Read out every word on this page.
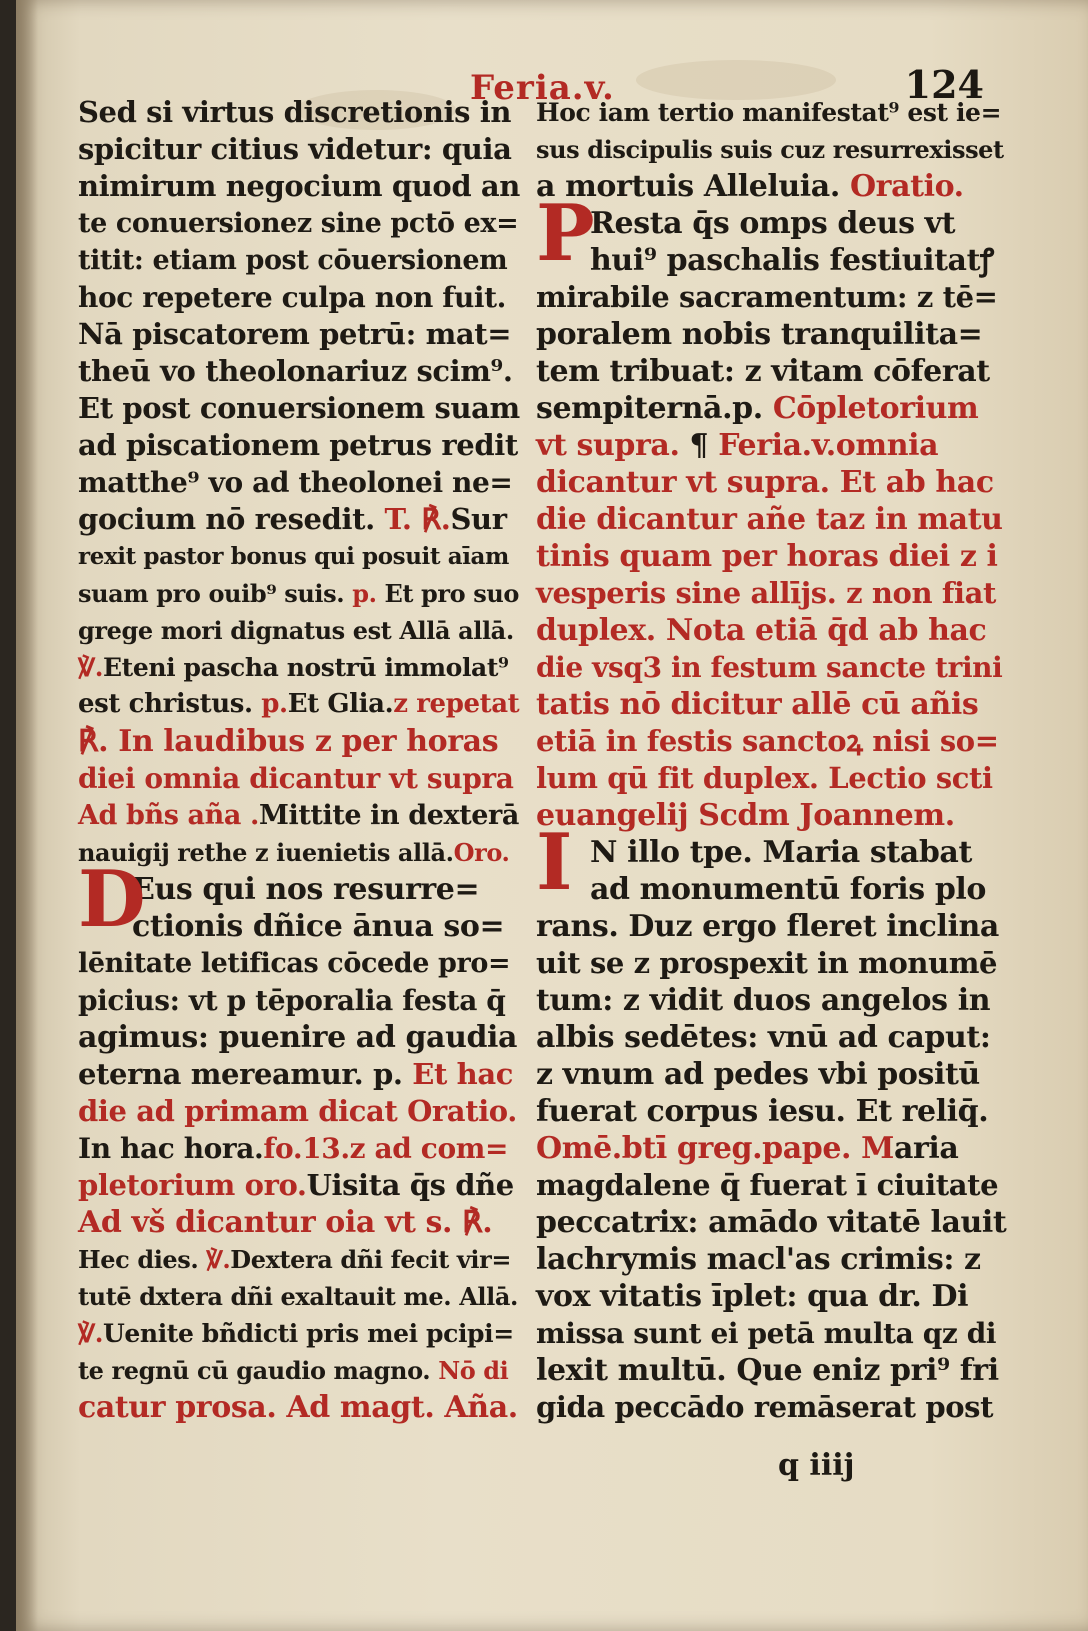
Feria.v.	124
Sed si virtus discretionis in
spicitur citius videtur: quia
nimirum negocium quod an
te conuersionez sine pctō ex=
titit: etiam post cōuersionem
hoc repetere culpa non fuit.
Nā piscatorem petrū: mat=
theū vo theolonariuz scim⁹.
Et post conuersionem suam
ad piscationem petrus redit
matthe⁹ vo ad theolonei ne=
gocium nō resedit. T. ℟.Sur
rexit pastor bonus qui posuit aīam
suam pro ouib⁹ suis. p. Et pro suo
grege mori dignatus est Allā allā.
℣.Eteni pascha nostrū immolat⁹
est christus. p.Et Glia.z repetat
℟. In laudibus z per horas
diei omnia dicantur vt supra
Ad bñs aña .Mittite in dexterā
nauigij rethe z iuenietis allā.Oro.
D
Eus qui nos resurre=
ctionis dñice ānua so=
lēnitate letificas cōcede pro=
picius: vt p tēporalia festa q̄
agimus: puenire ad gaudia
eterna mereamur. p. Et hac
die ad primam dicat Oratio.
In hac hora.fo.13.z ad com=
pletorium oro.Uisita q̄s dñe
Ad vš dicantur oia vt s. ℟.
Hec dies. ℣.Dextera dñi fecit vir=
tutē dxtera dñi exaltauit me. Allā.
℣.Uenite bñdicti pris mei pcipi=
te regnū cū gaudio magno. Nō di
catur prosa. Ad magt. Aña.
Hoc iam tertio manifestat⁹ est ie=
sus discipulis suis cuz resurrexisset
a mortuis Alleluia. Oratio.
P
Resta q̄s omps deus vt
hui⁹ paschalis festiuitatꝭ
mirabile sacramentum: z tē=
poralem nobis tranquilita=
tem tribuat: z vitam cōferat
sempiternā.p. Cōpletorium
vt supra. ¶ Feria.v.omnia
dicantur vt supra. Et ab hac
die dicantur añe taz in matu
tinis quam per horas diei z i
vesperis sine allījs. z non fiat
duplex. Nota etiā q̄d ab hac
die vsq3 in festum sancte trini
tatis nō dicitur allē cū añis
etiā in festis sanctoꝝ nisi so=
lum qū fit duplex. Lectio scti
euangelij Scdm Joannem.
I N illo tpe. Maria stabat
ad monumentū foris plo
rans. Duz ergo fleret inclina
uit se z prospexit in monumē
tum: z vidit duos angelos in
albis sedētes: vnū ad caput:
z vnum ad pedes vbi positū
fuerat corpus iesu. Et reliq̄.
Omē.btī greg.pape. Maria
magdalene q̄ fuerat ī ciuitate
peccatrix: amādo vitatē lauit
lachrymis macl'as crimis: z
vox vitatis īplet: qua dr. Di
missa sunt ei petā multa qz di
lexit multū. Que eniz pri⁹ fri
gida peccādo remāserat post
q iiij
